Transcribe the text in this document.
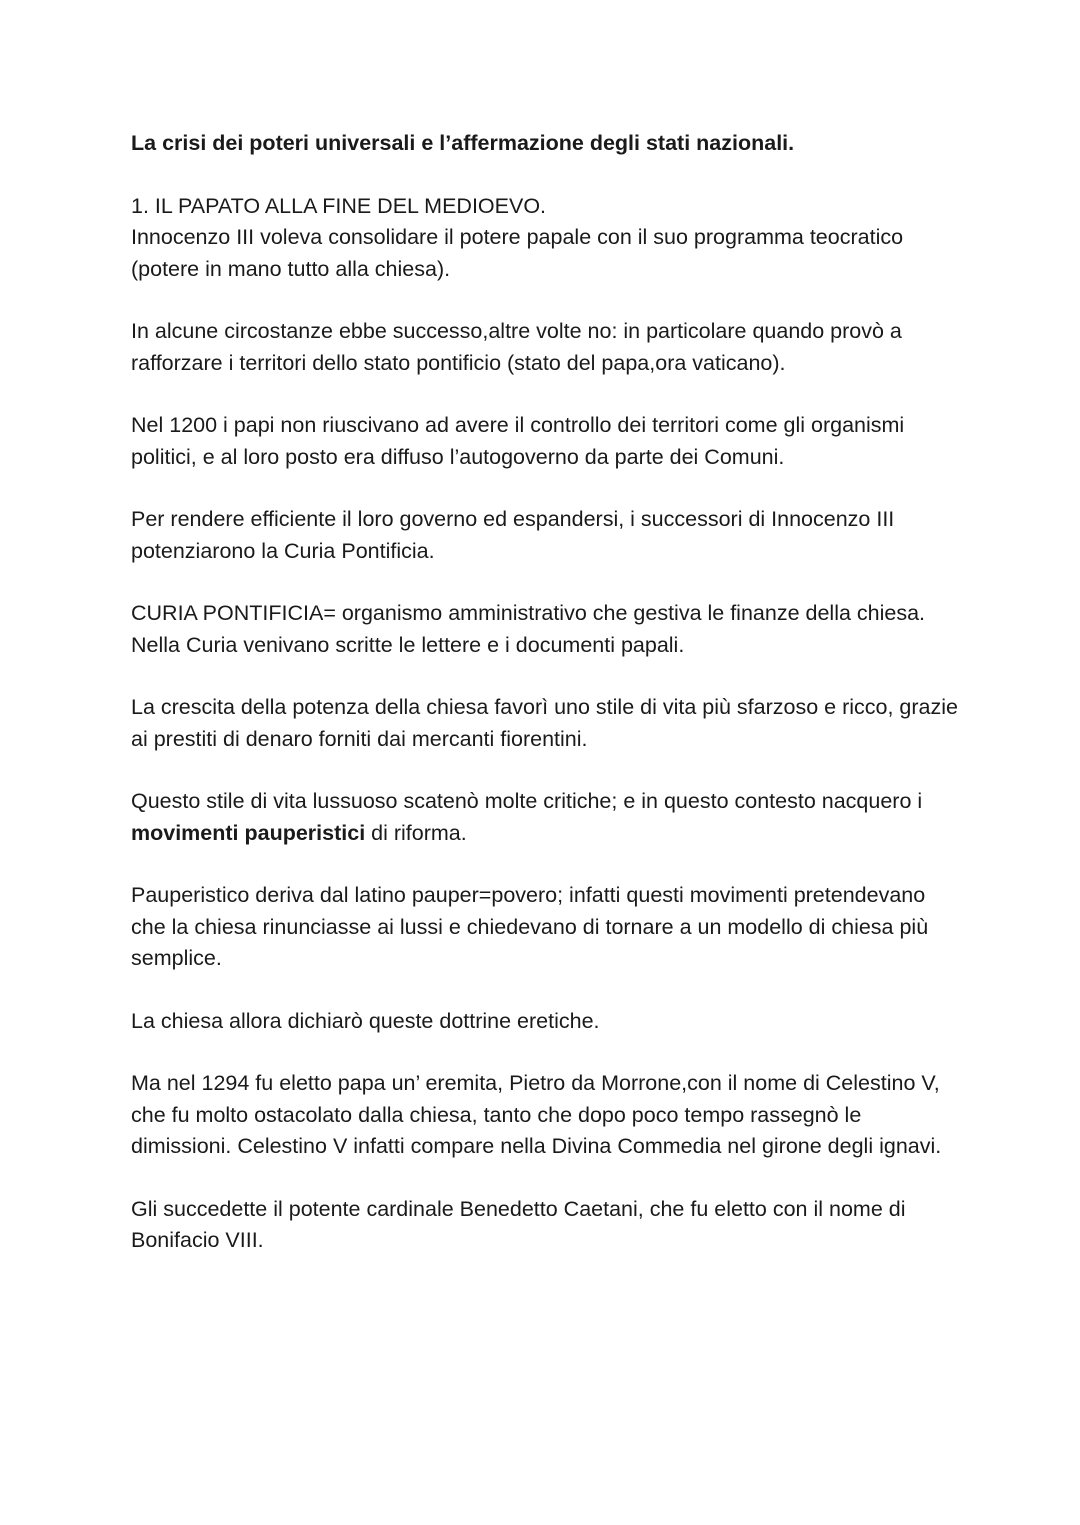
La crisi dei poteri universali e l’affermazione degli stati nazionali.
1. IL PAPATO ALLA FINE DEL MEDIOEVO.

Innocenzo III voleva consolidare il potere papale con il suo programma teocratico (potere in mano tutto alla chiesa).

In alcune circostanze ebbe successo,altre volte no: in particolare quando provò a rafforzare i territori dello stato pontificio (stato del papa,ora vaticano).

Nel 1200 i papi non riuscivano ad avere il controllo dei territori come gli organismi politici, e al loro posto era diffuso l’autogoverno da parte dei Comuni.

Per rendere efficiente il loro governo ed espandersi, i successori di Innocenzo III potenziarono la Curia Pontificia.

CURIA PONTIFICIA= organismo amministrativo che gestiva le finanze della chiesa. Nella Curia venivano scritte le lettere e i documenti papali.

La crescita della potenza della chiesa favorì uno stile di vita più sfarzoso e ricco, grazie ai prestiti di denaro forniti dai mercanti fiorentini.

Questo stile di vita lussuoso scatenò molte critiche; e in questo contesto nacquero i movimenti pauperistici di riforma.

Pauperistico deriva dal latino pauper=povero; infatti questi movimenti pretendevano che la chiesa rinunciasse ai lussi e chiedevano di tornare a un modello di chiesa più semplice.

La chiesa allora dichiarò queste dottrine eretiche.

Ma nel 1294 fu eletto papa un’ eremita, Pietro da Morrone,con il nome di Celestino V, che fu molto ostacolato dalla chiesa, tanto che dopo poco tempo rassegnò le dimissioni. Celestino V infatti compare nella Divina Commedia nel girone degli ignavi.

Gli succedette il potente cardinale Benedetto Caetani, che fu eletto con il nome di Bonifacio VIII.
